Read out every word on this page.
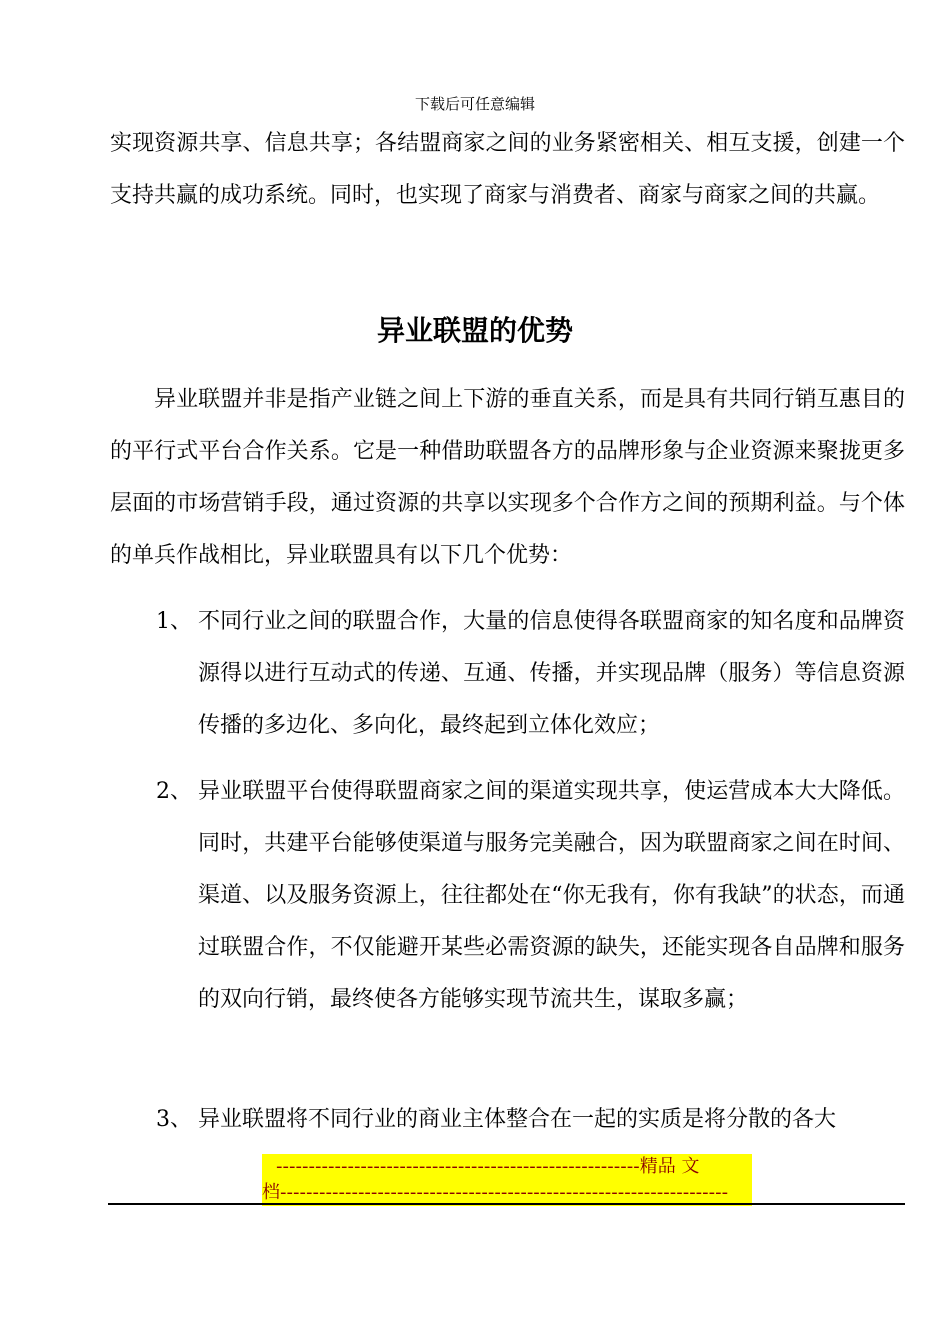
下载后可任意编辑
实现资源共享、信息共享；各结盟商家之间的业务紧密相关、相互支援，创建一个支持共赢的成功系统。同时，也实现了商家与消费者、商家与商家之间的共赢。
异业联盟的优势
异业联盟并非是指产业链之间上下游的垂直关系，而是具有共同行销互惠目的的平行式平台合作关系。它是一种借助联盟各方的品牌形象与企业资源来聚拢更多层面的市场营销手段，通过资源的共享以实现多个合作方之间的预期利益。与个体的单兵作战相比，异业联盟具有以下几个优势：
1、 不同行业之间的联盟合作，大量的信息使得各联盟商家的知名度和品牌资源得以进行互动式的传递、互通、传播，并实现品牌（服务）等信息资源传播的多边化、多向化，最终起到立体化效应；
2、 异业联盟平台使得联盟商家之间的渠道实现共享，使运营成本大大降低。同时，共建平台能够使渠道与服务完美融合，因为联盟商家之间在时间、渠道、以及服务资源上，往往都处在“你无我有，你有我缺”的状态，而通过联盟合作，不仅能避开某些必需资源的缺失，还能实现各自品牌和服务的双向行销，最终使各方能够实现节流共生，谋取多赢；
3、 异业联盟将不同行业的商业主体整合在一起的实质是将分散的各大
--------------------------------------------------------精品 文
档---------------------------------------------------------------------
